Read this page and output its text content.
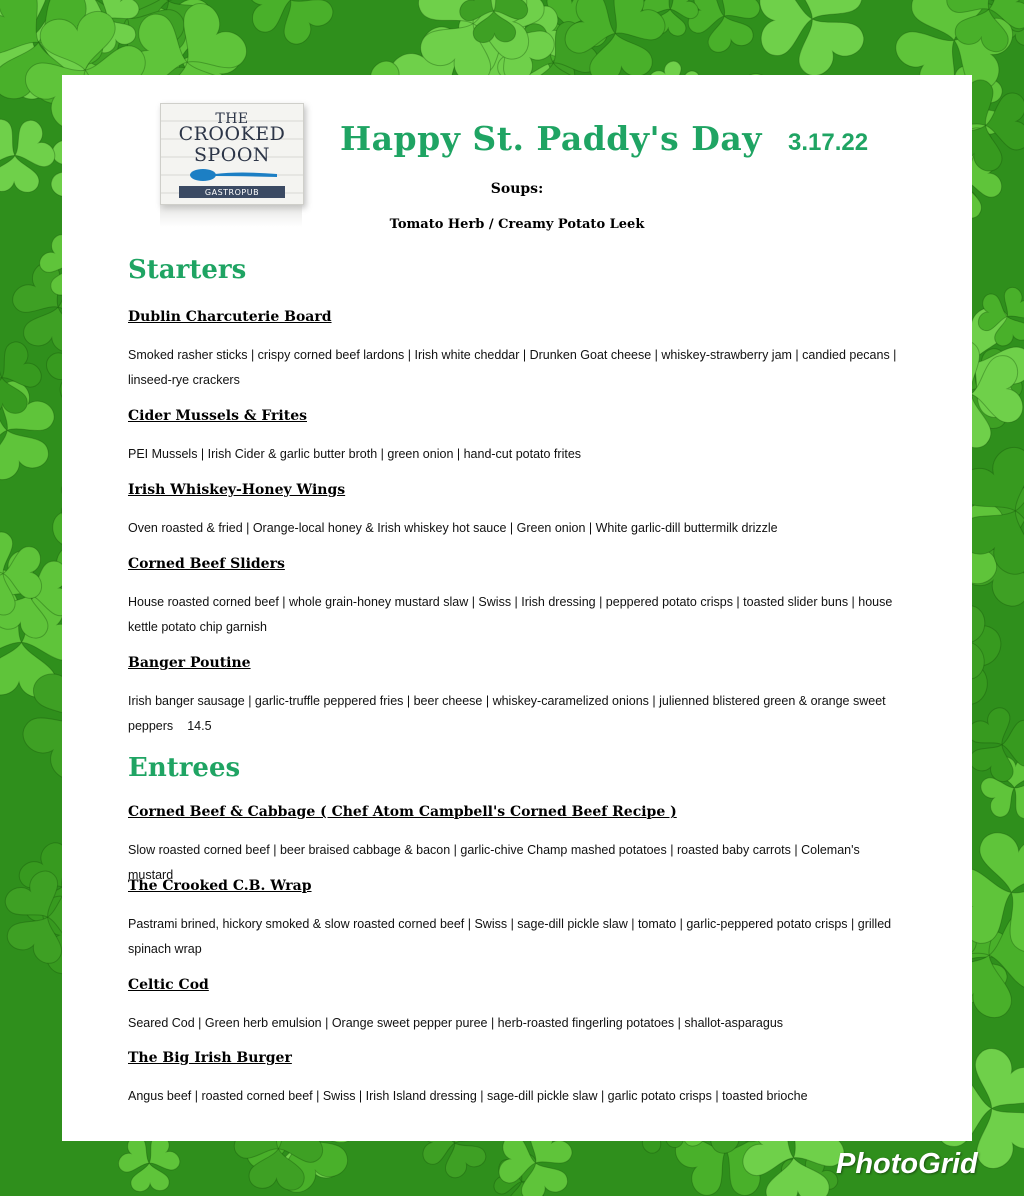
THE
CROOKED
SPOON
GASTROPUB
Happy St. Paddy's Day 3.17.22
Soups:
Tomato Herb / Creamy Potato Leek
Starters
Dublin Charcuterie Board
Smoked rasher sticks | crispy corned beef lardons | Irish white cheddar | Drunken Goat cheese | whiskey-strawberry jam | candied pecans | linseed-rye crackers
Cider Mussels & Frites
PEI Mussels | Irish Cider & garlic butter broth | green onion | hand-cut potato frites
Irish Whiskey-Honey Wings
Oven roasted & fried | Orange-local honey & Irish whiskey hot sauce | Green onion | White garlic-dill buttermilk drizzle
Corned Beef Sliders
House roasted corned beef | whole grain-honey mustard slaw | Swiss | Irish dressing | peppered potato crisps | toasted slider buns | house kettle potato chip garnish
Banger Poutine
Irish banger sausage | garlic-truffle peppered fries | beer cheese | whiskey-caramelized onions | julienned blistered green & orange sweet peppers 14.5
Entrees
Corned Beef & Cabbage ( Chef Atom Campbell's Corned Beef Recipe )
Slow roasted corned beef | beer braised cabbage & bacon | garlic-chive Champ mashed potatoes | roasted baby carrots | Coleman's mustard
The Crooked C.B. Wrap
Pastrami brined, hickory smoked & slow roasted corned beef | Swiss | sage-dill pickle slaw | tomato | garlic-peppered potato crisps | grilled spinach wrap
Celtic Cod
Seared Cod | Green herb emulsion | Orange sweet pepper puree | herb-roasted fingerling potatoes | shallot-asparagus
The Big Irish Burger
Angus beef | roasted corned beef | Swiss | Irish Island dressing | sage-dill pickle slaw | garlic potato crisps | toasted brioche
PhotoGrid
